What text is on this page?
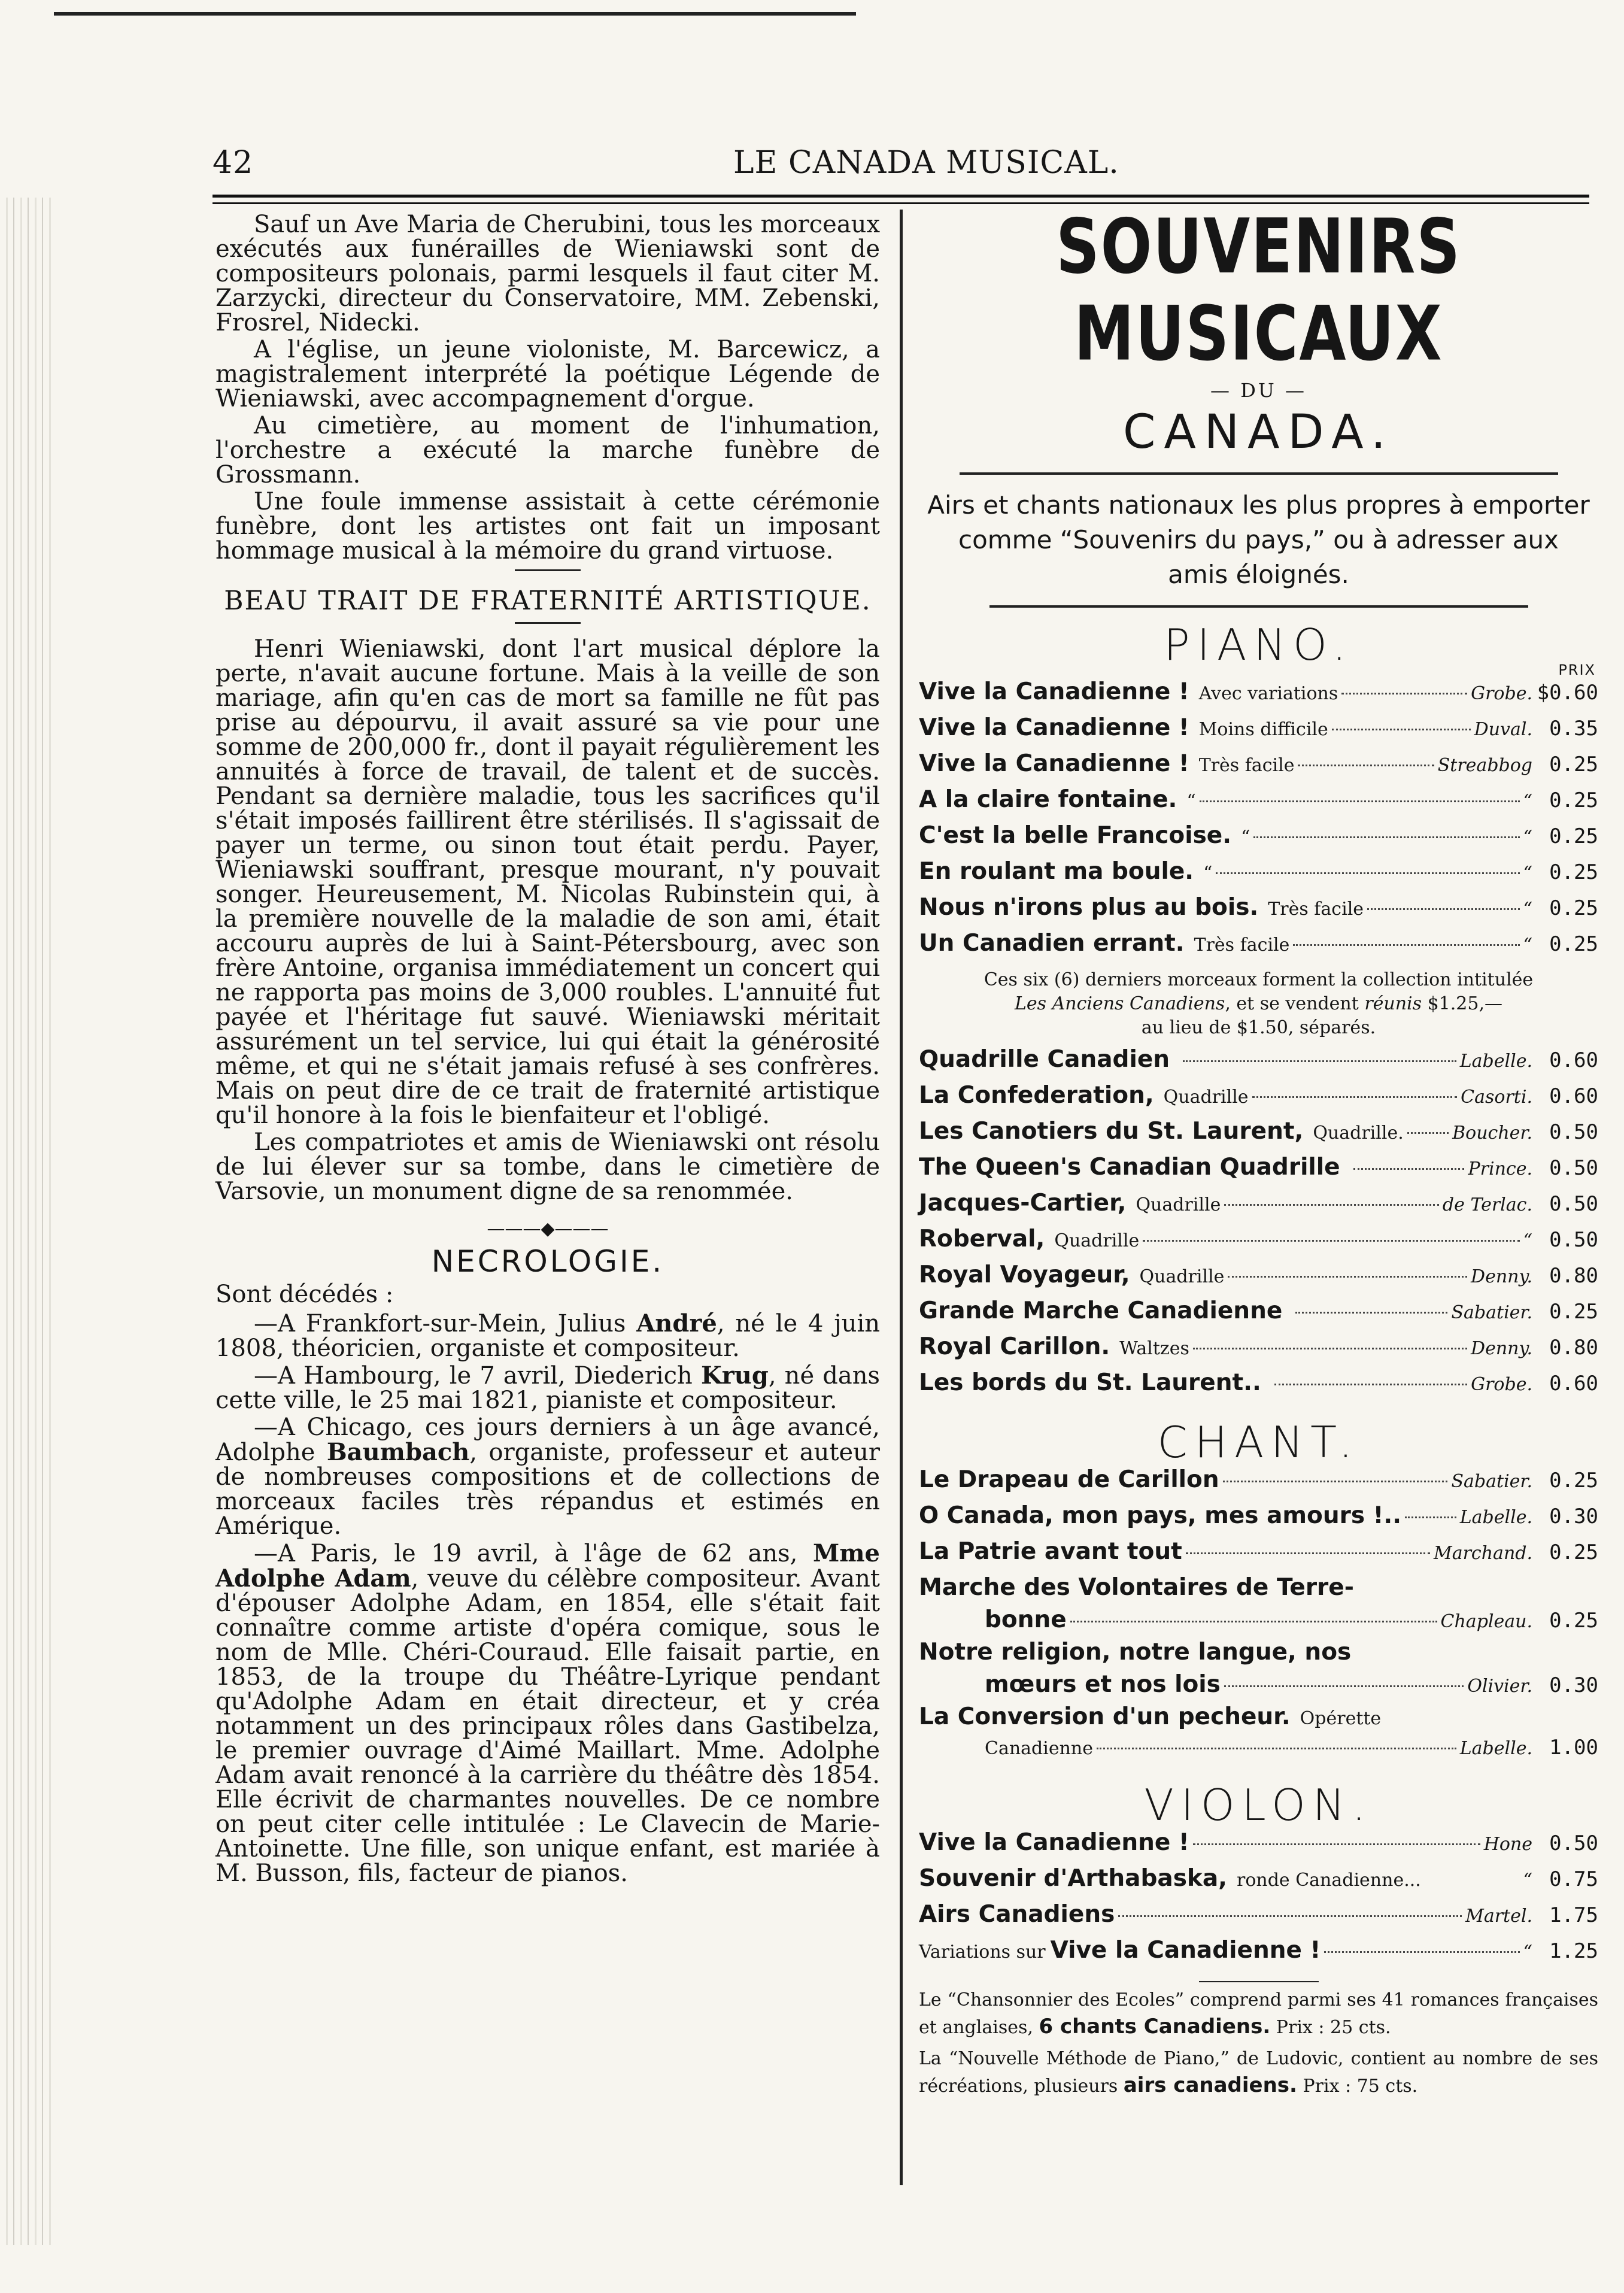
42	LE CANADA MUSICAL.

Sauf un Ave Maria de Cherubini, tous les morceaux exécutés aux funérailles de Wieniawski sont de compositeurs polonais, parmi lesquels il faut citer M. Zarzycki, directeur du Conservatoire, MM. Zebenski, Frosrel, Nidecki.

A l'église, un jeune violoniste, M. Barcewicz, a magistralement interprété la poétique Légende de Wieniawski, avec accompagnement d'orgue.

Au cimetière, au moment de l'inhumation, l'orchestre a exécuté la marche funèbre de Grossmann.

Une foule immense assistait à cette cérémonie funèbre, dont les artistes ont fait un imposant hommage musical à la mémoire du grand virtuose.

BEAU TRAIT DE FRATERNITÉ ARTISTIQUE.

Henri Wieniawski, dont l'art musical déplore la perte, n'avait aucune fortune. Mais à la veille de son mariage, afin qu'en cas de mort sa famille ne fût pas prise au dépourvu, il avait assuré sa vie pour une somme de 200,000 fr., dont il payait régulièrement les annuités à force de travail, de talent et de succès. Pendant sa dernière maladie, tous les sacrifices qu'il s'était imposés faillirent être stérilisés. Il s'agissait de payer un terme, ou sinon tout était perdu. Payer, Wieniawski souffrant, presque mourant, n'y pouvait songer. Heureusement, M. Nicolas Rubinstein qui, à la première nouvelle de la maladie de son ami, était accouru auprès de lui à Saint-Pétersbourg, avec son frère Antoine, organisa immédiatement un concert qui ne rapporta pas moins de 3,000 roubles. L'annuité fut payée et l'héritage fut sauvé. Wieniawski méritait assurément un tel service, lui qui était la générosité même, et qui ne s'était jamais refusé à ses confrères. Mais on peut dire de ce trait de fraternité artistique qu'il honore à la fois le bienfaiteur et l'obligé.

Les compatriotes et amis de Wieniawski ont résolu de lui élever sur sa tombe, dans le cimetière de Varsovie, un monument digne de sa renommée.

———◆———
NECROLOGIE.
Sont décédés :

—A Frankfort-sur-Mein, Julius André, né le 4 juin 1808, théoricien, organiste et compositeur.

—A Hambourg, le 7 avril, Diederich Krug, né dans cette ville, le 25 mai 1821, pianiste et compositeur.

—A Chicago, ces jours derniers à un âge avancé, Adolphe Baumbach, organiste, professeur et auteur de nombreuses compositions et de collections de morceaux faciles très répandus et estimés en Amérique.

—A Paris, le 19 avril, à l'âge de 62 ans, Mme Adolphe Adam, veuve du célèbre compositeur. Avant d'épouser Adolphe Adam, en 1854, elle s'était fait connaître comme artiste d'opéra comique, sous le nom de Mlle. Chéri-Couraud. Elle faisait partie, en 1853, de la troupe du Théâtre-Lyrique pendant qu'Adolphe Adam en était directeur, et y créa notamment un des principaux rôles dans Gastibelza, le premier ouvrage d'Aimé Maillart. Mme. Adolphe Adam avait renoncé à la carrière du théâtre dès 1854. Elle écrivit de charmantes nouvelles. De ce nombre on peut citer celle intitulée : Le Clavecin de Marie-Antoinette. Une fille, son unique enfant, est mariée à M. Busson, fils, facteur de pianos.

SOUVENIRS MUSICAUX
— DU —
CANADA.
Airs et chants nationaux les plus propres à emporter comme “Souvenirs du pays,” ou à adresser aux amis éloignés.
PIANO.	PRIX
Vive la Canadienne ! Avec variations	Grobe. $0.60
Vive la Canadienne ! Moins difficile	Duval. 0.35
Vive la Canadienne ! Très facile	Streabbog 0.25
A la claire fontaine. “	“ 0.25
C'est la belle Francoise. “	“ 0.25
En roulant ma boule. “	“ 0.25
Nous n'irons plus au bois. Très facile	“ 0.25
Un Canadien errant. Très facile	“ 0.25
Ces six (6) derniers morceaux forment la collection intitulée
Les Anciens Canadiens, et se vendent réunis $1.25,—
au lieu de $1.50, séparés.
Quadrille Canadien	Labelle. 0.60
La Confederation, Quadrille	Casorti. 0.60
Les Canotiers du St. Laurent, Quadrille.	Boucher. 0.50
The Queen's Canadian Quadrille	Prince. 0.50
Jacques-Cartier, Quadrille	de Terlac. 0.50
Roberval, Quadrille	“ 0.50
Royal Voyageur, Quadrille	Denny. 0.80
Grande Marche Canadienne	Sabatier. 0.25
Royal Carillon. Waltzes	Denny. 0.80
Les bords du St. Laurent..	Grobe. 0.60
CHANT.
Le Drapeau de Carillon	Sabatier. 0.25
O Canada, mon pays, mes amours !..	Labelle. 0.30
La Patrie avant tout	Marchand. 0.25
Marche des Volontaires de Terre-
bonne	Chapleau. 0.25
Notre religion, notre langue, nos
mœurs et nos lois	Olivier. 0.30
La Conversion d'un pecheur. Opérette
Canadienne	Labelle. 1.00
VIOLON.
Vive la Canadienne !	Hone 0.50
Souvenir d'Arthabaska, ronde Canadienne...	“ 0.75
Airs Canadiens	Martel. 1.75
Variations sur Vive la Canadienne !	“ 1.25

Le “Chansonnier des Ecoles” comprend parmi ses 41 romances françaises et anglaises, 6 chants Canadiens. Prix : 25 cts.

La “Nouvelle Méthode de Piano,” de Ludovic, contient au nombre de ses récréations, plusieurs airs canadiens. Prix : 75 cts.
